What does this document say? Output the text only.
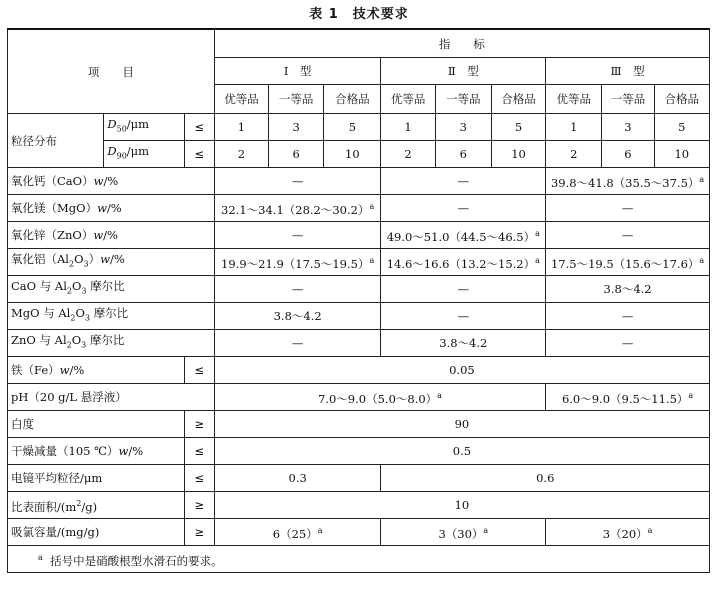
表 1　技术要求
项　　目			指　　标								
			Ⅰ　型			Ⅱ　型			Ⅲ　型		
			优等品	一等品	合格品	优等品	一等品	合格品	优等品	一等品	合格品
粒径分布	$D_{50}/\mu m$	≤	1	3	5	1	3	5	1	3	5
	$D_{90}/\mu m$	≤	2	6	10	2	6	10	2	6	10
氧化钙（CaO）w/%			—			—			39.8～41.8（35.5～37.5）$^a$
氧化镁（MgO）w/%			32.1～34.1（28.2～30.2）$^a$			—			—		
氧化锌（ZnO）w/%			—			49.0～51.0（44.5～46.5）$^a$			—		
氧化铝$(Al_2O_3)w/\%$			19.9～21.9（17.5～19.5）$^a$			14.6～16.6（13.2～15.2）$^a$			17.5～19.5（15.6～17.6）$^a$
CaO 与 $Al_2O_3$ 摩尔比			—			—			3.8～4.2		
MgO 与 $Al_2O_3$ 摩尔比			3.8～4.2			—			—		
ZnO 与 $Al_2O_3$ 摩尔比			—			3.8～4.2			—		
铁（Fe）w/%		≤	0.05								
pH（20 g/L 悬浮液）			7.0～9.0（5.0～8.0）$^a$						6.0～9.0（9.5～11.5）$^a$
白度		≥	90								
干燥减量（105 ℃）w/%		≤	0.5								
电镜平均粒径/μm		≤	0.3			0.6					
比表面积$/(m^2/g)$		≥	10								
吸氯容量/(mg/g)		≥	$6(25)^a$			$3(30)^a$			$3(20)^a$
$^a$ 括号中是硝酸根型水滑石的要求。											
